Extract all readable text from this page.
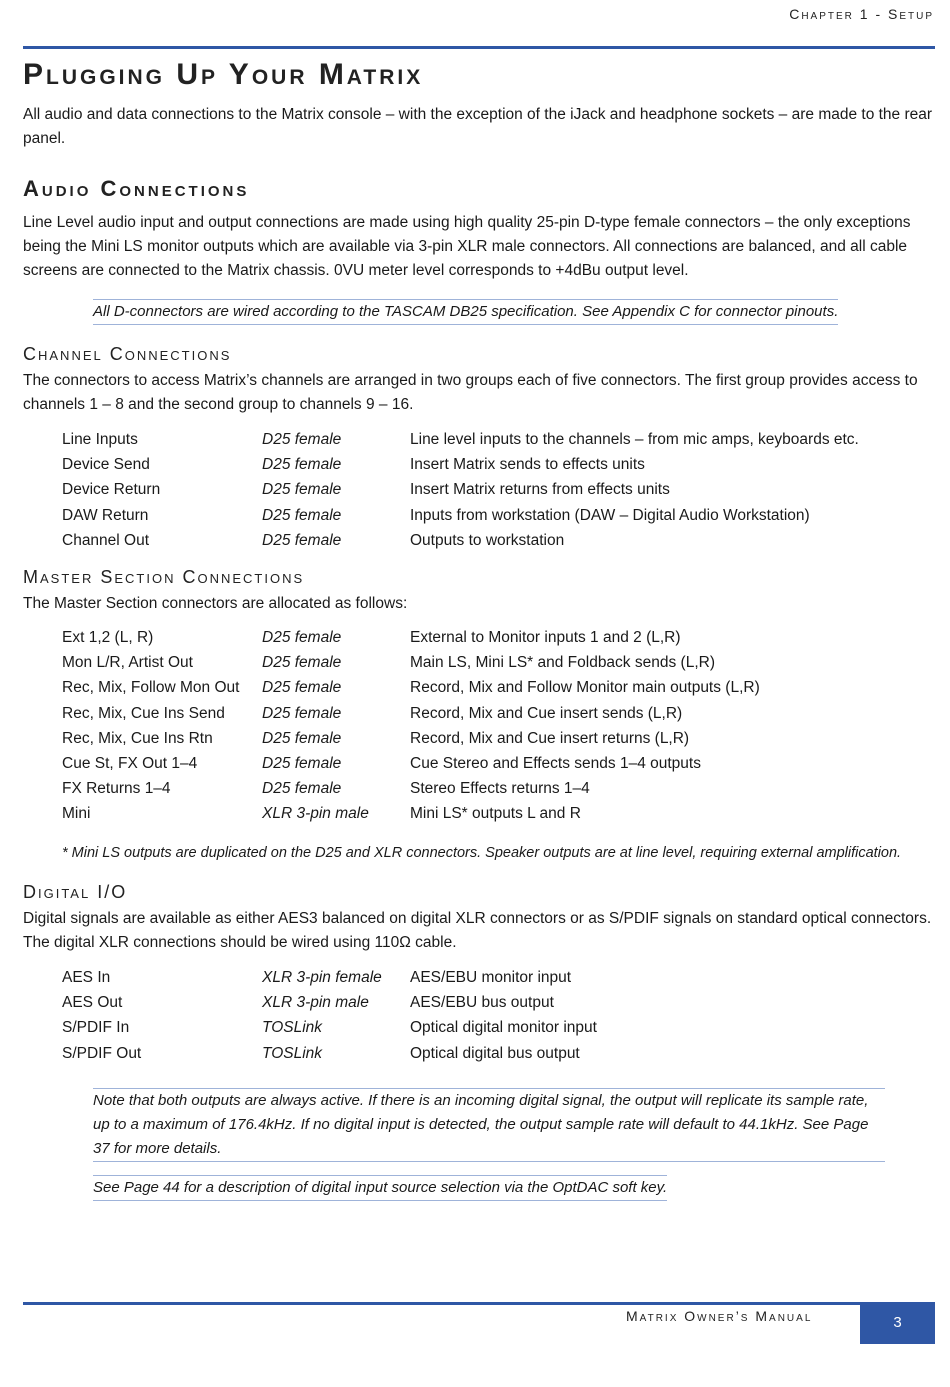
Chapter 1 - Setup
Plugging Up Your Matrix

All audio and data connections to the Matrix console – with the exception of the iJack and headphone sockets – are made to the rear panel.

Audio Connections

Line Level audio input and output connections are made using high quality 25-pin D-type female connectors – the only exceptions being the Mini LS monitor outputs which are available via 3-pin XLR male connectors. All connections are balanced, and all cable screens are connected to the Matrix chassis. 0VU meter level corresponds to +4dBu output level.

All D-connectors are wired according to the TASCAM DB25 specification. See Appendix C for connector pinouts.

Channel Connections

The connectors to access Matrix’s channels are arranged in two groups each of five connectors. The first group provides access to channels 1 – 8 and the second group to channels 9 – 16.

Line Inputs	D25 female	Line level inputs to the channels – from mic amps, keyboards etc.
Device Send	D25 female	Insert Matrix sends to effects units
Device Return	D25 female	Insert Matrix returns from effects units
DAW Return	D25 female	Inputs from workstation (DAW – Digital Audio Workstation)
Channel Out	D25 female	Outputs to workstation
Master Section Connections

The Master Section connectors are allocated as follows:

Ext 1,2 (L, R)	D25 female	External to Monitor inputs 1 and 2 (L,R)
Mon L/R, Artist Out	D25 female	Main LS, Mini LS* and Foldback sends (L,R)
Rec, Mix, Follow Mon Out	D25 female	Record, Mix and Follow Monitor main outputs (L,R)
Rec, Mix, Cue Ins Send	D25 female	Record, Mix and Cue insert sends (L,R)
Rec, Mix, Cue Ins Rtn	D25 female	Record, Mix and Cue insert returns (L,R)
Cue St, FX Out 1–4	D25 female	Cue Stereo and Effects sends 1–4 outputs
FX Returns 1–4	D25 female	Stereo Effects returns 1–4
Mini	XLR 3-pin male	Mini LS* outputs L and R

* Mini LS outputs are duplicated on the D25 and XLR connectors. Speaker outputs are at line level, requiring external amplification.

Digital I/O

Digital signals are available as either AES3 balanced on digital XLR connectors or as S/PDIF signals on standard optical connectors. The digital XLR connections should be wired using 110Ω cable.

AES In	XLR 3-pin female	AES/EBU monitor input
AES Out	XLR 3-pin male	AES/EBU bus output
S/PDIF In	TOSLink	Optical digital monitor input
S/PDIF Out	TOSLink	Optical digital bus output

Note that both outputs are always active. If there is an incoming digital signal, the output will replicate its sample rate, up to a maximum of 176.4kHz. If no digital input is detected, the output sample rate will default to 44.1kHz. See Page 37 for more details.

See Page 44 for a description of digital input source selection via the OptDAC soft key.

Matrix Owner’s Manual	3
